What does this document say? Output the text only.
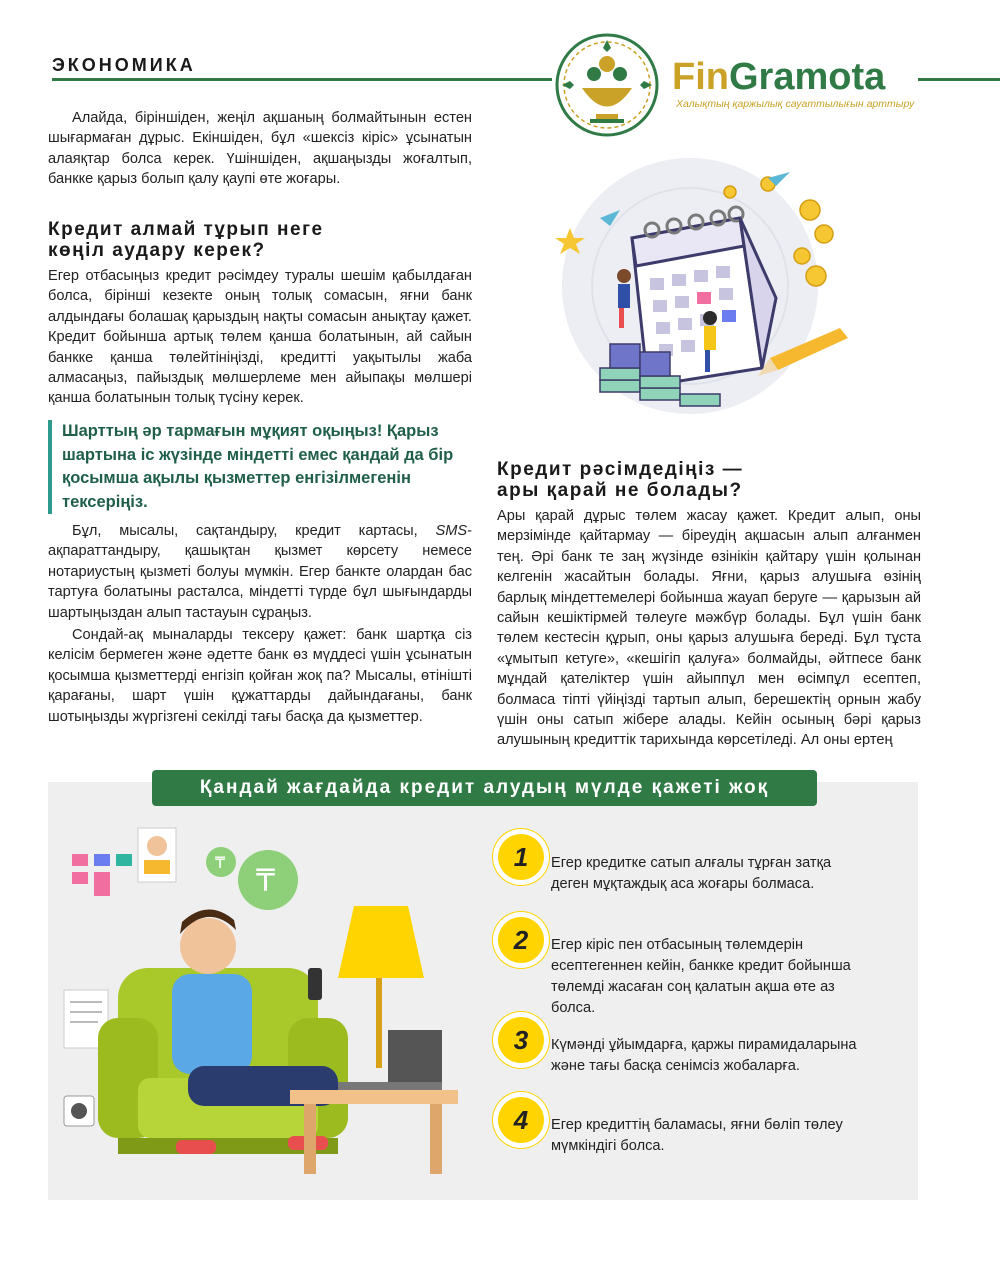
ЭКОНОМИКА	FinGramota
Халықтың қаржылық сауаттылығын арттыру

Алайда, біріншіден, жеңіл ақшаның болмайтынын естен шығармаған дұрыс. Екіншіден, бұл «шексіз кіріс» ұсынатын алаяқтар болса керек. Үшіншіден, ақшаңызды жоғалтып, банкке қарыз болып қалу қаупі өте жоғары.

Кредит алмай тұрып неге
көңіл аудару керек?

Егер отбасыңыз кредит рәсімдеу туралы шешім қабылдаған болса, бірінші кезекте оның толық сомасын, яғни банк алдындағы болашақ қарыздың нақты сомасын анықтау қажет. Кредит бойынша артық төлем қанша болатынын, ай сайын банкке қанша төлейтініңізді, кредитті уақытылы жаба алмасаңыз, пайыздық мөлшерлеме мен айыпақы мөлшері қанша болатынын толық түсіну керек.

Шарттың әр тармағын мұқият оқыңыз! Қарыз шартына іс жүзінде міндетті емес қандай да бір қосымша ақылы қызметтер енгізілмегенін тексеріңіз.

Бұл, мысалы, сақтандыру, кредит картасы, SMS-ақпараттандыру, қашықтан қызмет көрсету немесе нотариустың қызметі болуы мүмкін. Егер банкте олардан бас тартуға болатыны расталса, міндетті түрде бұл шығындарды шартыңыздан алып тастауын сұраңыз.

Сондай-ақ мыналарды тексеру қажет: банк шартқа сіз келісім бермеген және әдетте банк өз мүддесі үшін ұсынатын қосымша қызметтерді енгізіп қойған жоқ па? Мысалы, өтінішті қарағаны, шарт үшін құжаттарды дайындағаны, банк шотыңызды жүргізгені секілді тағы басқа да қызметтер.

Кредит рәсімдедіңіз —
ары қарай не болады?

Ары қарай дұрыс төлем жасау қажет. Кредит алып, оны мерзімінде қайтармау — біреудің ақшасын алып алғанмен тең. Әрі банк те заң жүзінде өзінікін қайтару үшін қолынан келгенін жасайтын болады. Яғни, қарыз алушыға өзінің барлық міндеттемелері бойынша жауап беруге — қарызын ай сайын кешіктірмей төлеуге мәжбүр болады. Бұл үшін банк төлем кестесін құрып, оны қарыз алушыға береді. Бұл тұста «ұмытып кетуге», «кешігіп қалуға» болмайды, әйтпесе банк мұндай қателіктер үшін айыппұл мен өсімпұл есептеп, болмаса тіпті үйіңізді тартып алып, берешектің орнын жабу үшін оны сатып жібере алады. Кейін осының бәрі қарыз алушының кредиттік тарихында көрсетіледі. Ал оны ертең

Қандай жағдайда кредит алудың мүлде қажеті жоқ
₸
₸
1	Егер кредитке сатып алғалы тұрған затқа деген мұқтаждық аса жоғары болмаса.
2	Егер кіріс пен отбасының төлемдерін есептегеннен кейін, банкке кредит бойынша төлемді жасаған соң қалатын ақша өте аз болса.
3	Күмәнді ұйымдарға, қаржы пирамидаларына және тағы басқа сенімсіз жобаларға.
4	Егер кредиттің баламасы, яғни бөліп төлеу мүмкіндігі болса.
